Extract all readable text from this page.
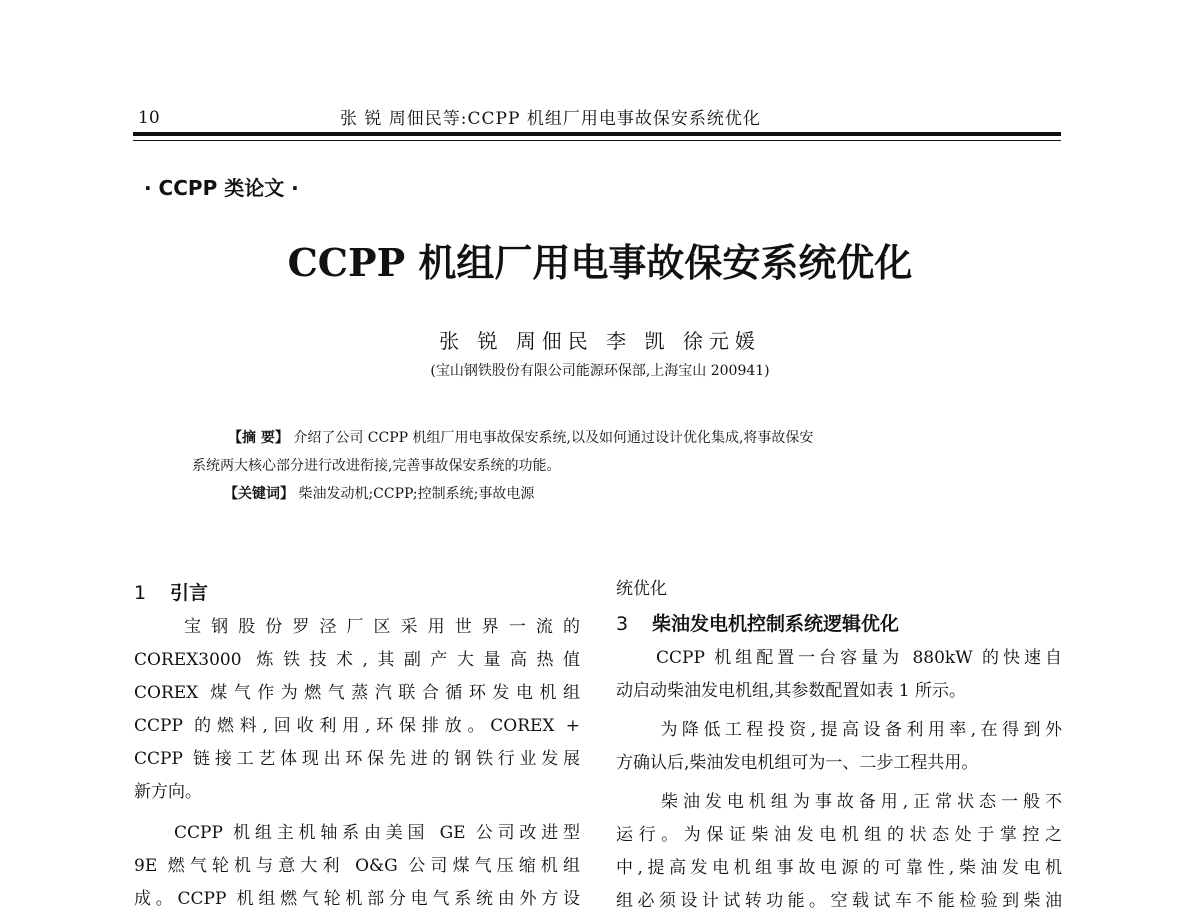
10	张 锐 周佃民等:CCPP 机组厂用电事故保安系统优化
· CCPP 类论文 ·
CCPP 机组厂用电事故保安系统优化
张 锐 周佃民 李 凯 徐元媛
(宝山钢铁股份有限公司能源环保部,上海宝山 200941)
【摘 要】 介绍了公司 CCPP 机组厂用电事故保安系统,以及如何通过设计优化集成,将事故保安
系统两大核心部分进行改进衔接,完善事故保安系统的功能。
【关键词】 柴油发动机;CCPP;控制系统;事故电源
1 引言
宝钢股份罗泾厂区采用世界一流的
COREX3000 炼铁技术,其副产大量高热值
COREX 煤气作为燃气蒸汽联合循环发电机组
CCPP 的燃料,回收利用,环保排放。COREX +
CCPP 链接工艺体现出环保先进的钢铁行业发展
新方向。
CCPP 机组主机轴系由美国 GE 公司改进型
9E 燃气轮机与意大利 O&G 公司煤气压缩机组
成。CCPP 机组燃气轮机部分电气系统由外方设
统优化
3 柴油发电机控制系统逻辑优化
CCPP 机组配置一台容量为 880kW 的快速自
动启动柴油发电机组,其参数配置如表 1 所示。
为降低工程投资,提高设备利用率,在得到外
方确认后,柴油发电机组可为一、二步工程共用。
柴油发电机组为事故备用,正常状态一般不
运行。为保证柴油发电机组的状态处于掌控之
中,提高发电机组事故电源的可靠性,柴油发电机
组必须设计试转功能。空载试车不能检验到柴油
